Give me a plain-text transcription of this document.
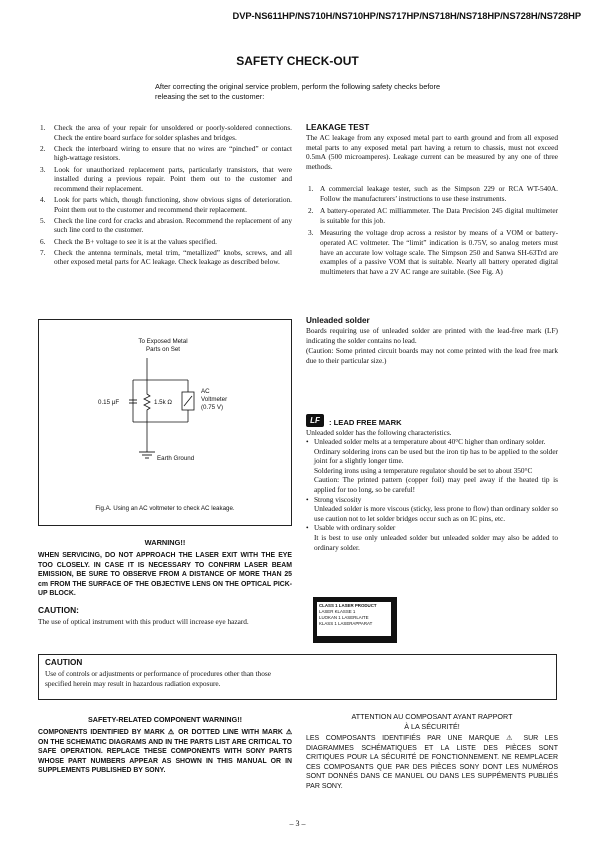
DVP-NS611HP/NS710H/NS710HP/NS717HP/NS718H/NS718HP/NS728H/NS728HP
SAFETY CHECK-OUT
After correcting the original service problem, perform the following safety checks before releasing the set to the customer:
1. Check the area of your repair for unsoldered or poorly-soldered connections. Check the entire board surface for solder splashes and bridges.
2. Check the interboard wiring to ensure that no wires are “pinched” or contact high-wattage resistors.
3. Look for unauthorized replacement parts, particularly transistors, that were installed during a previous repair. Point them out to the customer and recommend their replacement.
4. Look for parts which, though functioning, show obvious signs of deterioration. Point them out to the customer and recommend their replacement.
5. Check the line cord for cracks and abrasion. Recommend the replacement of any such line cord to the customer.
6. Check the B+ voltage to see it is at the values specified.
7. Check the antenna terminals, metal trim, “metallized” knobs, screws, and all other exposed metal parts for AC leakage. Check leakage as described below.
To Exposed Metal
Parts on Set
0.15 μF	1.5k Ω
AC
Voltmeter
(0.75 V)
Earth Ground
Fig.A. Using an AC voltmeter to check AC leakage.
WARNING!!
WHEN SERVICING, DO NOT APPROACH THE LASER EXIT WITH THE EYE TOO CLOSELY. IN CASE IT IS NECESSARY TO CONFIRM LASER BEAM EMISSION, BE SURE TO OBSERVE FROM A DISTANCE OF MORE THAN 25 cm FROM THE SURFACE OF THE OBJECTIVE LENS ON THE OPTICAL PICK-UP BLOCK.
CAUTION:
The use of optical instrument with this product will increase eye hazard.
CAUTION
Use of controls or adjustments or performance of procedures other than those specified herein may result in hazardous radiation exposure.
SAFETY-RELATED COMPONENT WARNING!!
COMPONENTS IDENTIFIED BY MARK ⚠ OR DOTTED LINE WITH MARK ⚠ ON THE SCHEMATIC DIAGRAMS AND IN THE PARTS LIST ARE CRITICAL TO SAFE OPERATION. REPLACE THESE COMPONENTS WITH SONY PARTS WHOSE PART NUMBERS APPEAR AS SHOWN IN THIS MANUAL OR IN SUPPLEMENTS PUBLISHED BY SONY.
LEAKAGE TEST
The AC leakage from any exposed metal part to earth ground and from all exposed metal parts to any exposed metal part having a return to chassis, must not exceed 0.5mA (500 microamperes). Leakage current can be measured by any one of three methods.
1. A commercial leakage tester, such as the Simpson 229 or RCA WT-540A. Follow the manufacturers’ instructions to use these instruments.
2. A battery-operated AC milliammeter. The Data Precision 245 digital multimeter is suitable for this job.
3. Measuring the voltage drop across a resistor by means of a VOM or battery-operated AC voltmeter. The “limit” indication is 0.75V, so analog meters must have an accurate low voltage scale. The Simpson 250 and Sanwa SH-63Trd are examples of a passive VOM that is suitable. Nearly all battery operated digital multimeters that have a 2V AC range are suitable. (See Fig. A)
Unleaded solder
Boards requiring use of unleaded solder are printed with the lead-free mark (LF) indicating the solder contains no lead.
(Caution: Some printed circuit boards may not come printed with the lead free mark due to their particular size.)
LF	: LEAD FREE MARK
Unleaded solder has the following characteristics.
• Unleaded solder melts at a temperature about 40°C higher than ordinary solder.
Ordinary soldering irons can be used but the iron tip has to be applied to the solder joint for a slightly longer time.
Soldering irons using a temperature regulator should be set to about 350°C
Caution: The printed pattern (copper foil) may peel away if the heated tip is applied for too long, so be careful!
• Strong viscosity
Unleaded solder is more viscous (sticky, less prone to flow) than ordinary solder so use caution not to let solder bridges occur such as on IC pins, etc.
• Usable with ordinary solder
It is best to use only unleaded solder but unleaded solder may also be added to ordinary solder.
CLASS 1 LASER PRODUCT
LASER KLASSE 1
LUOKAN 1 LASERLAITE
KLASS 1 LASERAPPARAT
ATTENTION AU COMPOSANT AYANT RAPPORT
À LA SÉCURITÉ!
LES COMPOSANTS IDENTIFIÉS PAR UNE MARQUE ⚠ SUR LES DIAGRAMMES SCHÉMATIQUES ET LA LISTE DES PIÈCES SONT CRITIQUES POUR LA SÉCURITÉ DE FONCTIONNEMENT. NE REMPLACER CES COMPOSANTS QUE PAR DES PIÈCES SONY DONT LES NUMÉROS SONT DONNÉS DANS CE MANUEL OU DANS LES SUPPÉMENTS PUBLIÉS PAR SONY.
– 3 –
